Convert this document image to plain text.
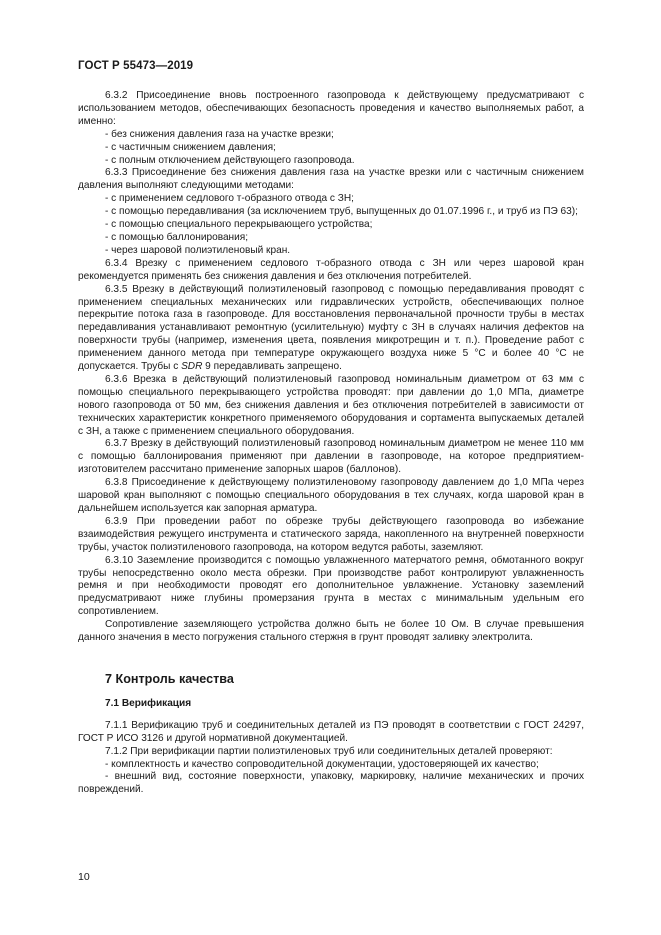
ГОСТ Р 55473—2019

6.3.2 Присоединение вновь построенного газопровода к действующему предусматривают с использованием методов, обеспечивающих безопасность проведения и качество выполняемых работ, а именно:

- без снижения давления газа на участке врезки;

- с частичным снижением давления;

- с полным отключением действующего газопровода.

6.3.3 Присоединение без снижения давления газа на участке врезки или с частичным снижением давления выполняют следующими методами:

- с применением седлового т-образного отвода с ЗН;

- с помощью передавливания (за исключением труб, выпущенных до 01.07.1996 г., и труб из ПЭ 63);

- с помощью специального перекрывающего устройства;

- с помощью баллонирования;

- через шаровой полиэтиленовый кран.

6.3.4 Врезку с применением седлового т-образного отвода с ЗН или через шаровой кран рекомендуется применять без снижения давления и без отключения потребителей.

6.3.5 Врезку в действующий полиэтиленовый газопровод с помощью передавливания проводят с применением специальных механических или гидравлических устройств, обеспечивающих полное перекрытие потока газа в газопроводе. Для восстановления первоначальной прочности трубы в местах передавливания устанавливают ремонтную (усилительную) муфту с ЗН в случаях наличия дефектов на поверхности трубы (например, изменения цвета, появления микротрещин и т. п.). Проведение работ с применением данного метода при температуре окружающего воздуха ниже 5 °С и более 40 °С не допускается. Трубы с SDR 9 передавливать запрещено.

6.3.6 Врезка в действующий полиэтиленовый газопровод номинальным диаметром от 63 мм с помощью специального перекрывающего устройства проводят: при давлении до 1,0 МПа, диаметре нового газопровода от 50 мм, без снижения давления и без отключения потребителей в зависимости от технических характеристик конкретного применяемого оборудования и сортамента выпускаемых деталей с ЗН, а также с применением специального оборудования.

6.3.7 Врезку в действующий полиэтиленовый газопровод номинальным диаметром не менее 110 мм с помощью баллонирования применяют при давлении в газопроводе, на которое предприятием-изготовителем рассчитано применение запорных шаров (баллонов).

6.3.8 Присоединение к действующему полиэтиленовому газопроводу давлением до 1,0 МПа через шаровой кран выполняют с помощью специального оборудования в тех случаях, когда шаровой кран в дальнейшем используется как запорная арматура.

6.3.9 При проведении работ по обрезке трубы действующего газопровода во избежание взаимодействия режущего инструмента и статического заряда, накопленного на внутренней поверхности трубы, участок полиэтиленового газопровода, на котором ведутся работы, заземляют.

6.3.10 Заземление производится с помощью увлажненного матерчатого ремня, обмотанного вокруг трубы непосредственно около места обрезки. При производстве работ контролируют увлажненность ремня и при необходимости проводят его дополнительное увлажнение. Установку заземлений предусматривают ниже глубины промерзания грунта в местах с минимальным удельным его сопротивлением.

Сопротивление заземляющего устройства должно быть не более 10 Ом. В случае превышения данного значения в место погружения стального стержня в грунт проводят заливку электролита.

7 Контроль качества
7.1 Верификация

7.1.1 Верификацию труб и соединительных деталей из ПЭ проводят в соответствии с ГОСТ 24297, ГОСТ Р ИСО 3126 и другой нормативной документацией.

7.1.2 При верификации партии полиэтиленовых труб или соединительных деталей проверяют:

- комплектность и качество сопроводительной документации, удостоверяющей их качество;

- внешний вид, состояние поверхности, упаковку, маркировку, наличие механических и прочих повреждений.

10
